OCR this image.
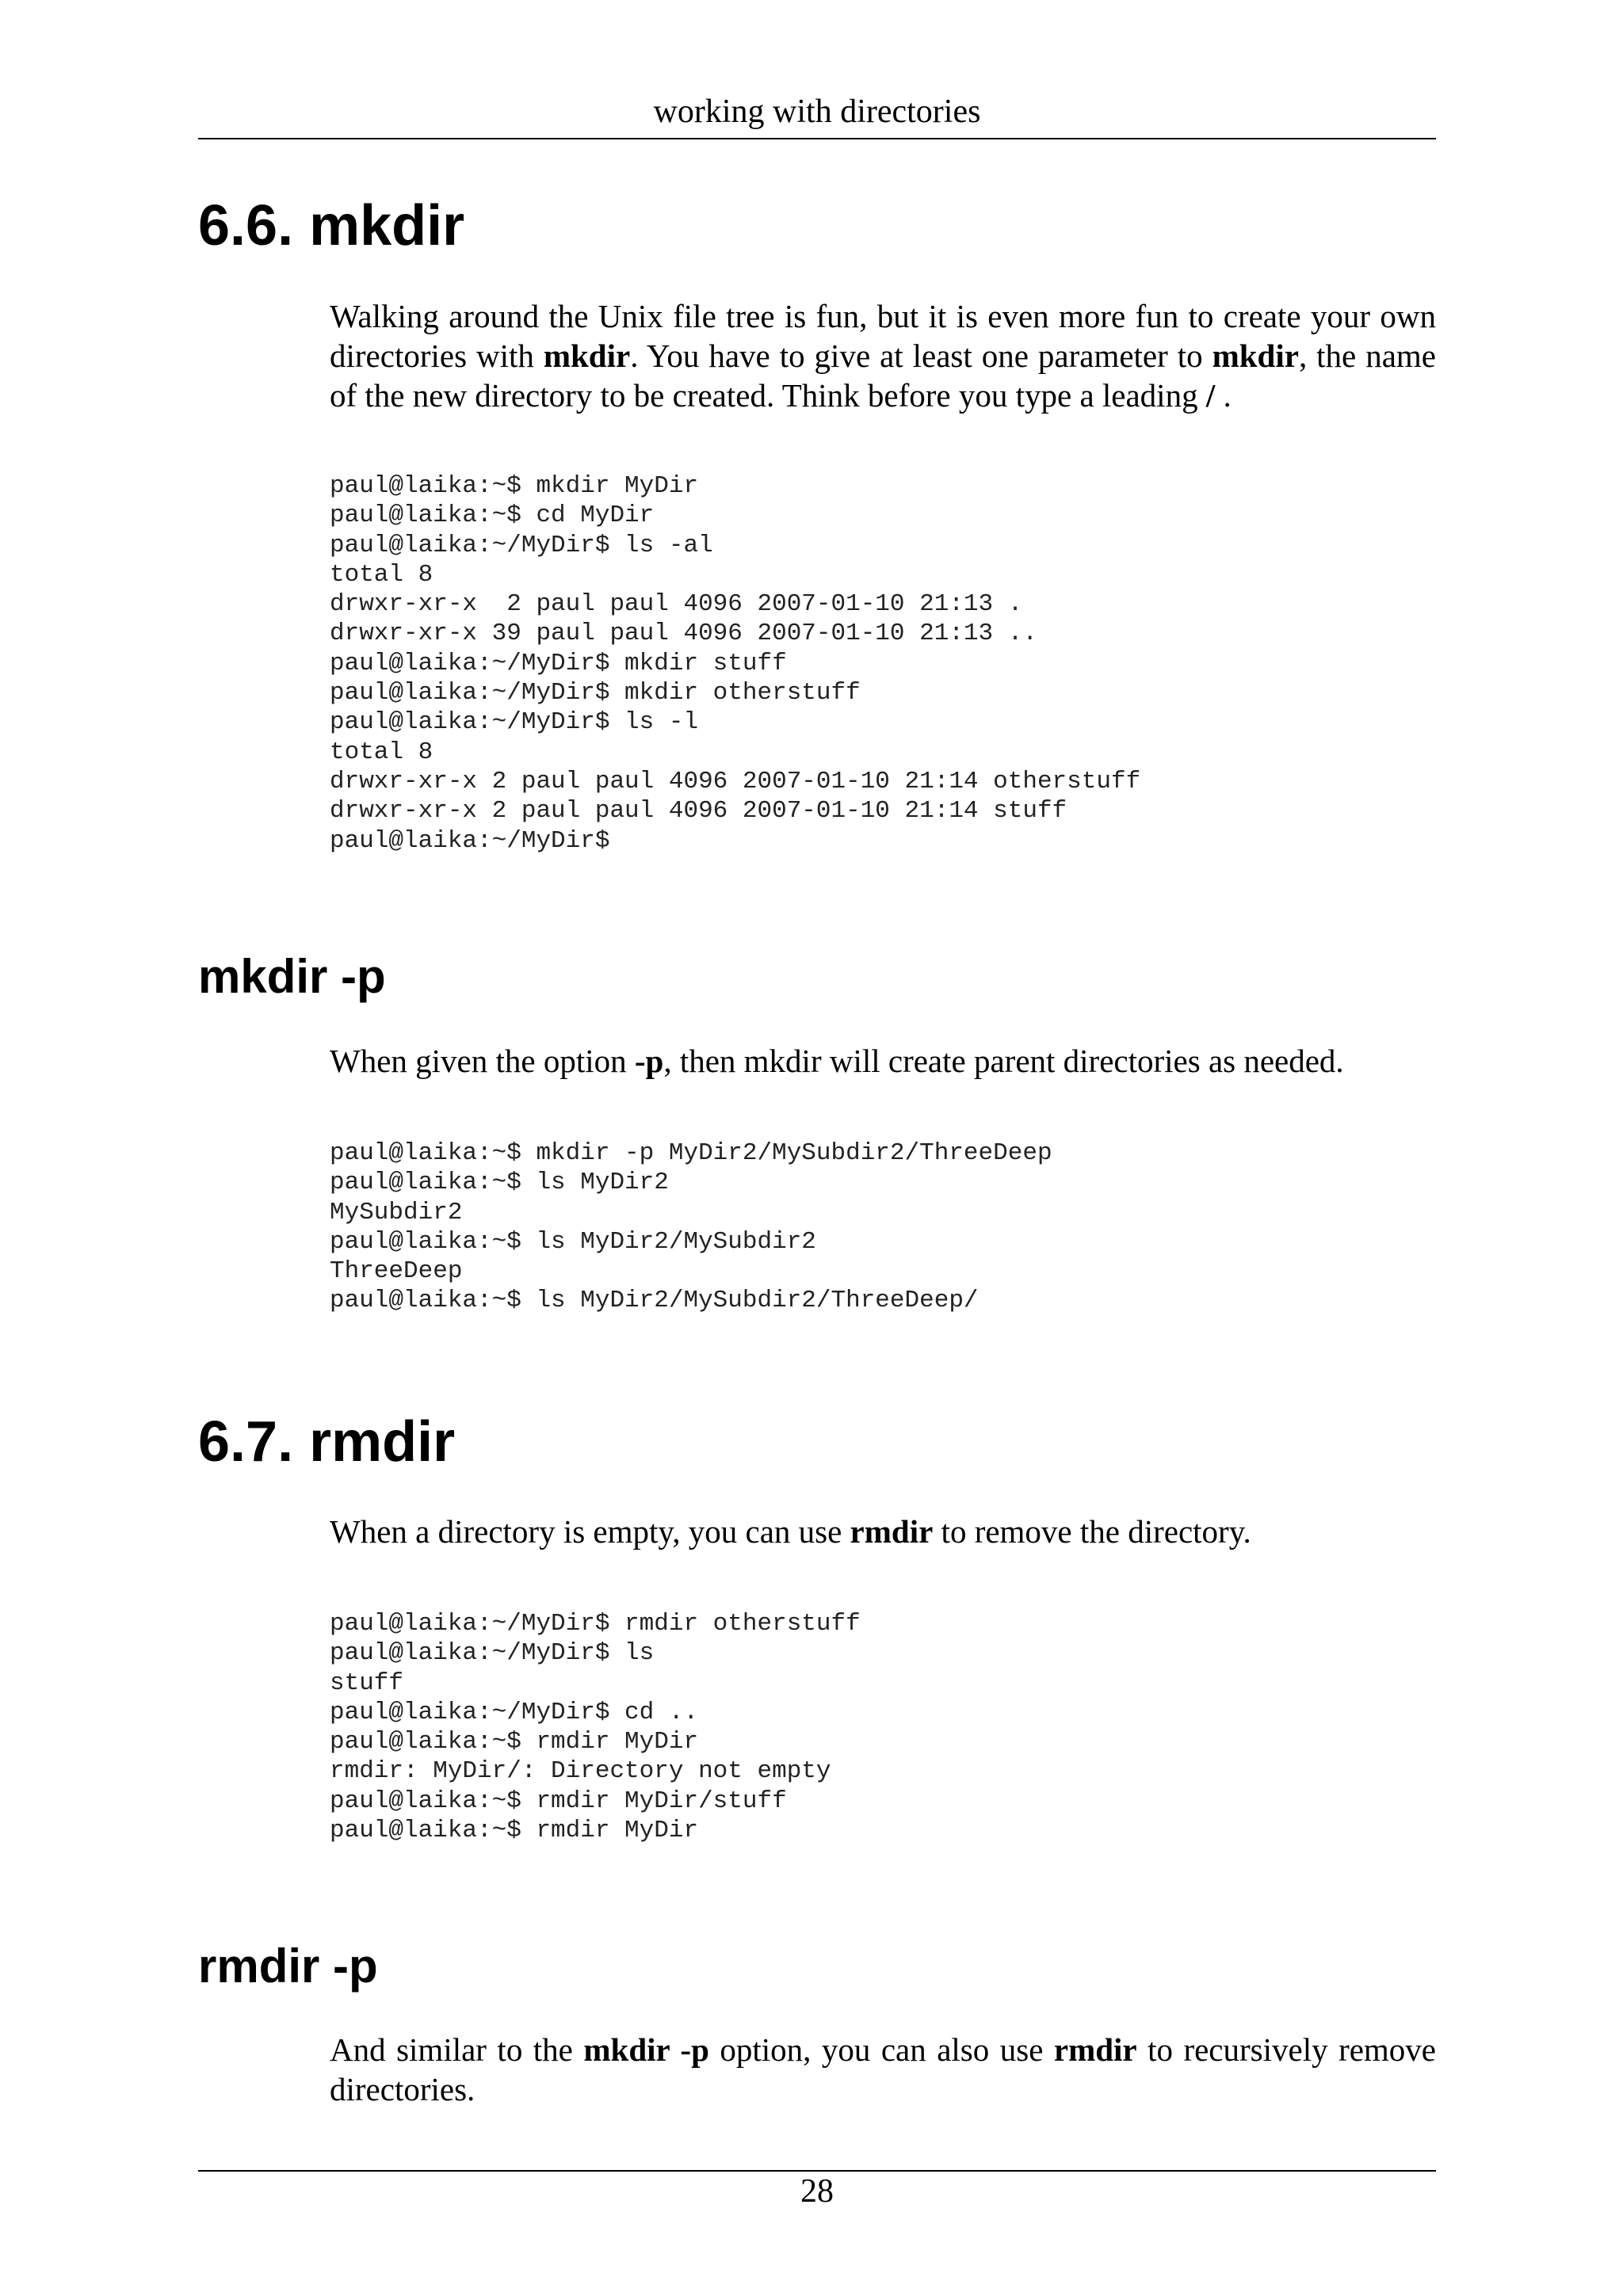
working with directories
6.6. mkdir

Walking around the Unix file tree is fun, but it is even more fun to create your own directories with mkdir. You have to give at least one parameter to mkdir, the name of the new directory to be created. Think before you type a leading / .

paul@laika:~$ mkdir MyDir
paul@laika:~$ cd MyDir
paul@laika:~/MyDir$ ls -al
total 8
drwxr-xr-x  2 paul paul 4096 2007-01-10 21:13 .
drwxr-xr-x 39 paul paul 4096 2007-01-10 21:13 ..
paul@laika:~/MyDir$ mkdir stuff
paul@laika:~/MyDir$ mkdir otherstuff
paul@laika:~/MyDir$ ls -l
total 8
drwxr-xr-x 2 paul paul 4096 2007-01-10 21:14 otherstuff
drwxr-xr-x 2 paul paul 4096 2007-01-10 21:14 stuff
paul@laika:~/MyDir$
mkdir -p

When given the option -p, then mkdir will create parent directories as needed.

paul@laika:~$ mkdir -p MyDir2/MySubdir2/ThreeDeep
paul@laika:~$ ls MyDir2
MySubdir2
paul@laika:~$ ls MyDir2/MySubdir2
ThreeDeep
paul@laika:~$ ls MyDir2/MySubdir2/ThreeDeep/
6.7. rmdir

When a directory is empty, you can use rmdir to remove the directory.

paul@laika:~/MyDir$ rmdir otherstuff
paul@laika:~/MyDir$ ls
stuff
paul@laika:~/MyDir$ cd ..
paul@laika:~$ rmdir MyDir
rmdir: MyDir/: Directory not empty
paul@laika:~$ rmdir MyDir/stuff
paul@laika:~$ rmdir MyDir
rmdir -p

And similar to the mkdir -p option, you can also use rmdir to recursively remove directories.

28
